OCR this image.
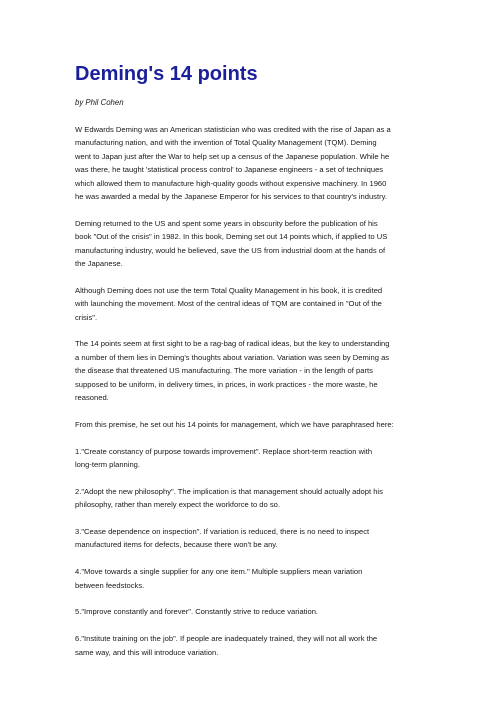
Deming's 14 points

by Phil Cohen

W Edwards Deming was an American statistician who was credited with the rise of Japan as a
manufacturing nation, and with the invention of Total Quality Management (TQM). Deming
went to Japan just after the War to help set up a census of the Japanese population. While he
was there, he taught 'statistical process control' to Japanese engineers - a set of techniques
which allowed them to manufacture high-quality goods without expensive machinery. In 1960
he was awarded a medal by the Japanese Emperor for his services to that country's industry.

Deming returned to the US and spent some years in obscurity before the publication of his
book "Out of the crisis" in 1982. In this book, Deming set out 14 points which, if applied to US
manufacturing industry, would he believed, save the US from industrial doom at the hands of
the Japanese.

Although Deming does not use the term Total Quality Management in his book, it is credited
with launching the movement. Most of the central ideas of TQM are contained in "Out of the
crisis".

The 14 points seem at first sight to be a rag-bag of radical ideas, but the key to understanding
a number of them lies in Deming's thoughts about variation. Variation was seen by Deming as
the disease that threatened US manufacturing. The more variation - in the length of parts
supposed to be uniform, in delivery times, in prices, in work practices - the more waste, he
reasoned.

From this premise, he set out his 14 points for management, which we have paraphrased here:

1."Create constancy of purpose towards improvement". Replace short-term reaction with
long-term planning.

2."Adopt the new philosophy". The implication is that management should actually adopt his
philosophy, rather than merely expect the workforce to do so.

3."Cease dependence on inspection". If variation is reduced, there is no need to inspect
manufactured items for defects, because there won't be any.

4."Move towards a single supplier for any one item." Multiple suppliers mean variation
between feedstocks.

5."Improve constantly and forever". Constantly strive to reduce variation.

6."Institute training on the job". If people are inadequately trained, they will not all work the
same way, and this will introduce variation.
